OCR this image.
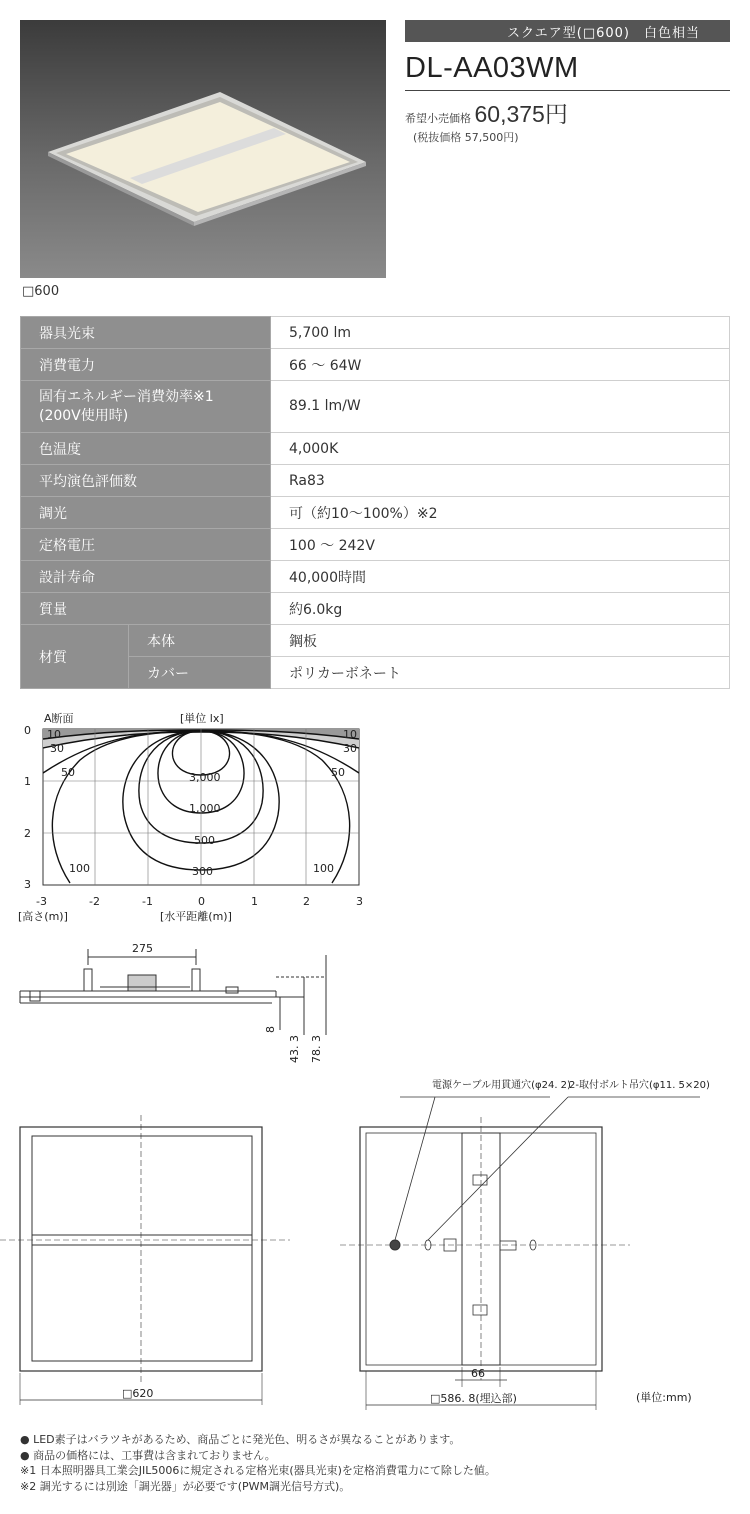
□600
スクエア型(□600)　白色相当
DL-AA03WM
希望小売価格 60,375円
(税抜価格 57,500円)
器具光束		5,700 lm
消費電力		66 ～ 64W

固有エネルギー消費効率※1
(200V使用時)		89.1 lm/W
色温度		4,000K
平均演色評価数		Ra83
調光		可（約10～100%）※2
定格電圧		100 ～ 242V
設計寿命		40,000時間
質量		約6.0kg
材質	本体	鋼板
	カバー	ポリカーボネート
A断面	[単位 lx]
10	10
30	30
50	50
3,000
1,000
500
300
100	100
0
1
2
3
-3	-2	-1	0	1	2	3
[高さ(m)]	[水平距離(m)]
275
8
43. 3 78. 3
□620
電源ケーブル用貫通穴(φ24. 2)
2-取付ボルト吊穴(φ11. 5×20)
66
□586. 8(埋込部)	(単位:mm)
● LED素子はバラツキがあるため、商品ごとに発光色、明るさが異なることがあります。
● 商品の価格には、工事費は含まれておりません。
※1 日本照明器具工業会JIL5006に規定される定格光束(器具光束)を定格消費電力にて除した値。
※2 調光するには別途「調光器」が必要です(PWM調光信号方式)。
